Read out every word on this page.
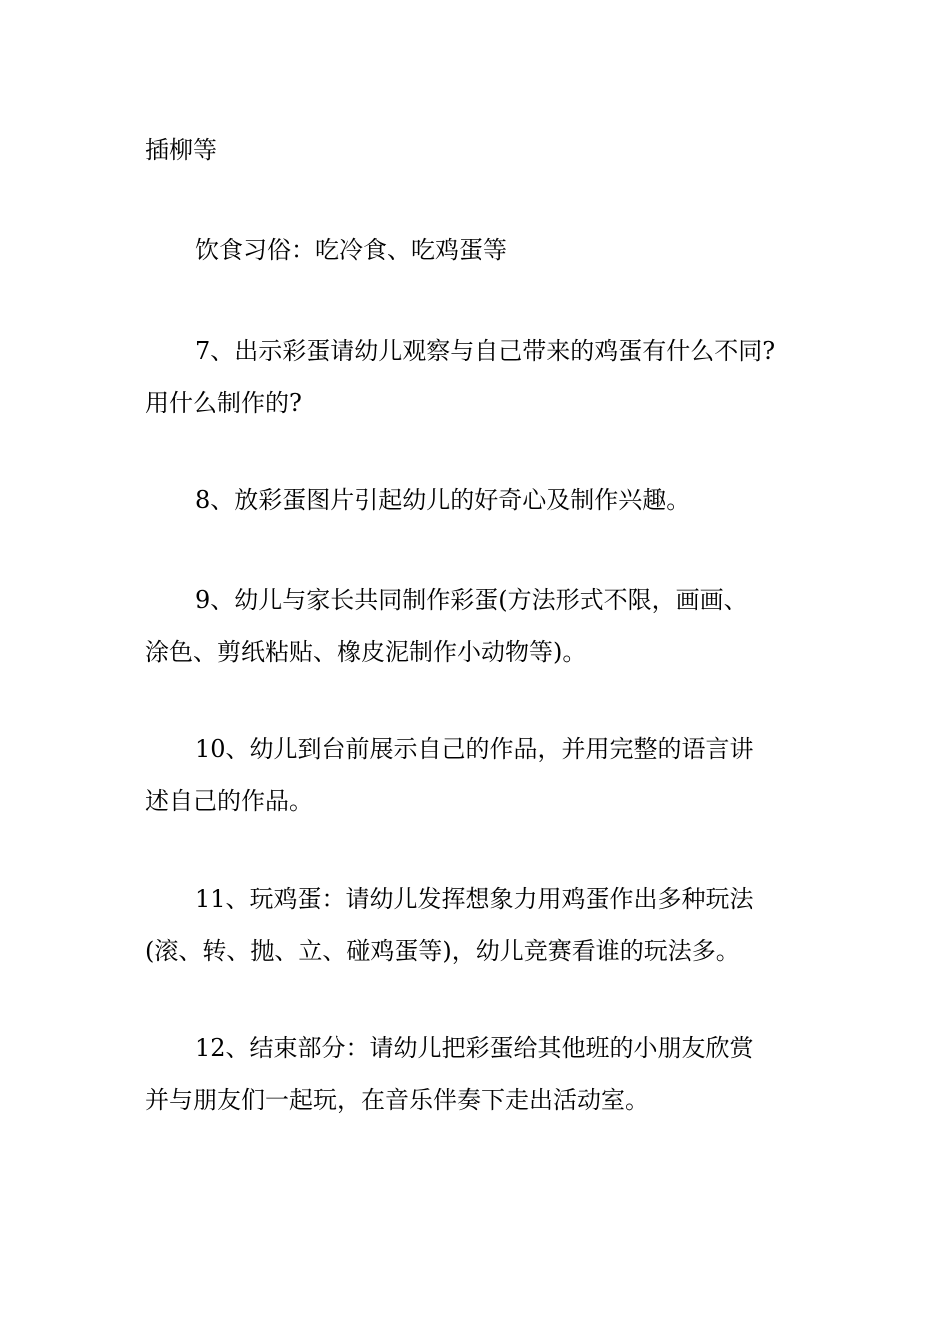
插柳等

饮食习俗：吃冷食、吃鸡蛋等

7、出示彩蛋请幼儿观察与自己带来的鸡蛋有什么不同?
用什么制作的?

8、放彩蛋图片引起幼儿的好奇心及制作兴趣。

9、幼儿与家长共同制作彩蛋(方法形式不限，画画、
涂色、剪纸粘贴、橡皮泥制作小动物等)。

10、幼儿到台前展示自己的作品，并用完整的语言讲
述自己的作品。

11、玩鸡蛋：请幼儿发挥想象力用鸡蛋作出多种玩法
(滚、转、抛、立、碰鸡蛋等)，幼儿竞赛看谁的玩法多。

12、结束部分：请幼儿把彩蛋给其他班的小朋友欣赏
并与朋友们一起玩，在音乐伴奏下走出活动室。
